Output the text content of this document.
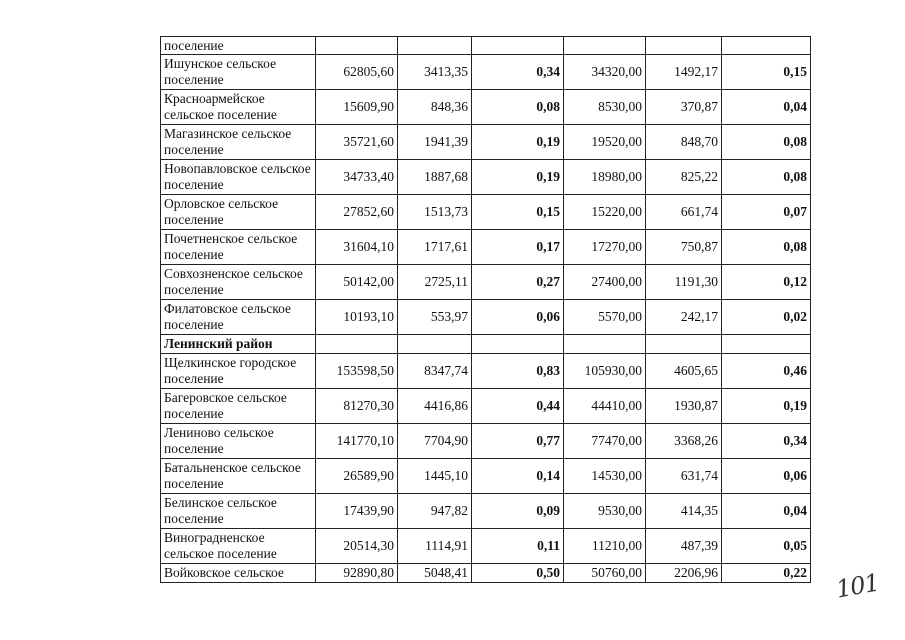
поселение						
Ишунское сельское поселение	62805,60	3413,35	0,34	34320,00	1492,17	0,15
Красноармейское сельское поселение	15609,90	848,36	0,08	8530,00	370,87	0,04
Магазинское сельское поселение	35721,60	1941,39	0,19	19520,00	848,70	0,08
Новопавловское сельское поселение	34733,40	1887,68	0,19	18980,00	825,22	0,08
Орловское сельское поселение	27852,60	1513,73	0,15	15220,00	661,74	0,07
Почетненское сельское поселение	31604,10	1717,61	0,17	17270,00	750,87	0,08
Совхозненское сельское поселение	50142,00	2725,11	0,27	27400,00	1191,30	0,12
Филатовское сельское поселение	10193,10	553,97	0,06	5570,00	242,17	0,02
Ленинский район						
Щелкинское городское поселение	153598,50	8347,74	0,83	105930,00	4605,65	0,46
Багеровское сельское поселение	81270,30	4416,86	0,44	44410,00	1930,87	0,19
Лениново сельское поселение	141770,10	7704,90	0,77	77470,00	3368,26	0,34
Батальненское сельское поселение	26589,90	1445,10	0,14	14530,00	631,74	0,06
Белинское сельское поселение	17439,90	947,82	0,09	9530,00	414,35	0,04
Виноградненское сельское поселение	20514,30	1114,91	0,11	11210,00	487,39	0,05
Войковское сельское	92890,80	5048,41	0,50	50760,00	2206,96	0,22 101
